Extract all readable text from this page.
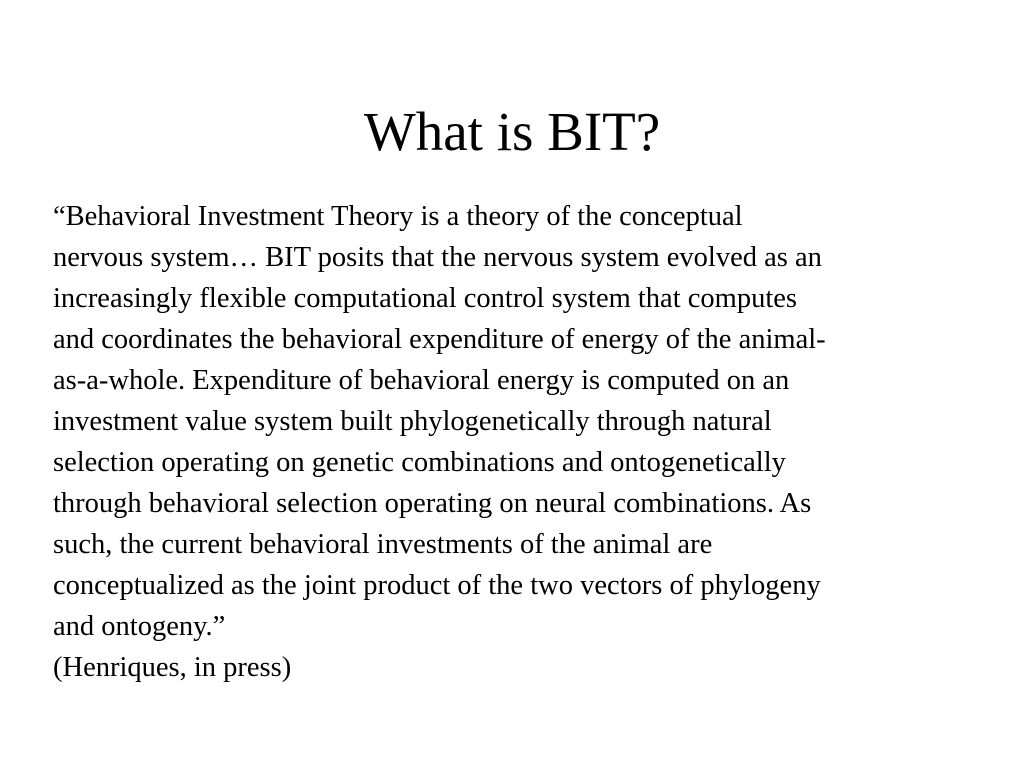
What is BIT?

“Behavioral Investment Theory is a theory of the conceptual
nervous system… BIT posits that the nervous system evolved as an
increasingly flexible computational control system that computes
and coordinates the behavioral expenditure of energy of the animal-
as-a-whole. Expenditure of behavioral energy is computed on an
investment value system built phylogenetically through natural
selection operating on genetic combinations and ontogenetically
through behavioral selection operating on neural combinations. As
such, the current behavioral investments of the animal are
conceptualized as the joint product of the two vectors of phylogeny
and ontogeny.”

(Henriques, in press)
